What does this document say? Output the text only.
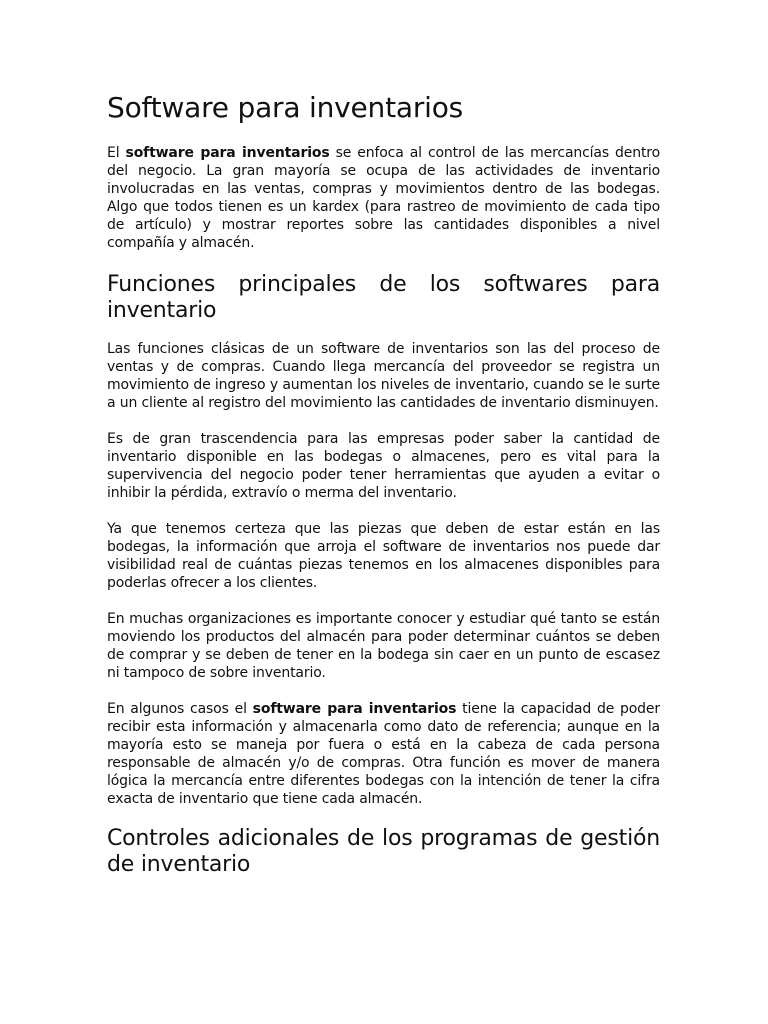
Software para inventarios

El software para inventarios se enfoca al control de las mercancías dentro del negocio. La gran mayoría se ocupa de las actividades de inventario involucradas en las ventas, compras y movimientos dentro de las bodegas. Algo que todos tienen es un kardex (para rastreo de movimiento de cada tipo de artículo) y mostrar reportes sobre las cantidades disponibles a nivel compañía y almacén.

Funciones principales de los softwares para inventario

Las funciones clásicas de un software de inventarios son las del proceso de ventas y de compras. Cuando llega mercancía del proveedor se registra un movimiento de ingreso y aumentan los niveles de inventario, cuando se le surte a un cliente al registro del movimiento las cantidades de inventario disminuyen.

Es de gran trascendencia para las empresas poder saber la cantidad de inventario disponible en las bodegas o almacenes, pero es vital para la supervivencia del negocio poder tener herramientas que ayuden a evitar o inhibir la pérdida, extravío o merma del inventario.

Ya que tenemos certeza que las piezas que deben de estar están en las bodegas, la información que arroja el software de inventarios nos puede dar visibilidad real de cuántas piezas tenemos en los almacenes disponibles para poderlas ofrecer a los clientes.

En muchas organizaciones es importante conocer y estudiar qué tanto se están moviendo los productos del almacén para poder determinar cuántos se deben de comprar y se deben de tener en la bodega sin caer en un punto de escasez ni tampoco de sobre inventario.

En algunos casos el software para inventarios tiene la capacidad de poder recibir esta información y almacenarla como dato de referencia; aunque en la mayoría esto se maneja por fuera o está en la cabeza de cada persona responsable de almacén y/o de compras. Otra función es mover de manera lógica la mercancía entre diferentes bodegas con la intención de tener la cifra exacta de inventario que tiene cada almacén.

Controles adicionales de los programas de gestión de inventario
